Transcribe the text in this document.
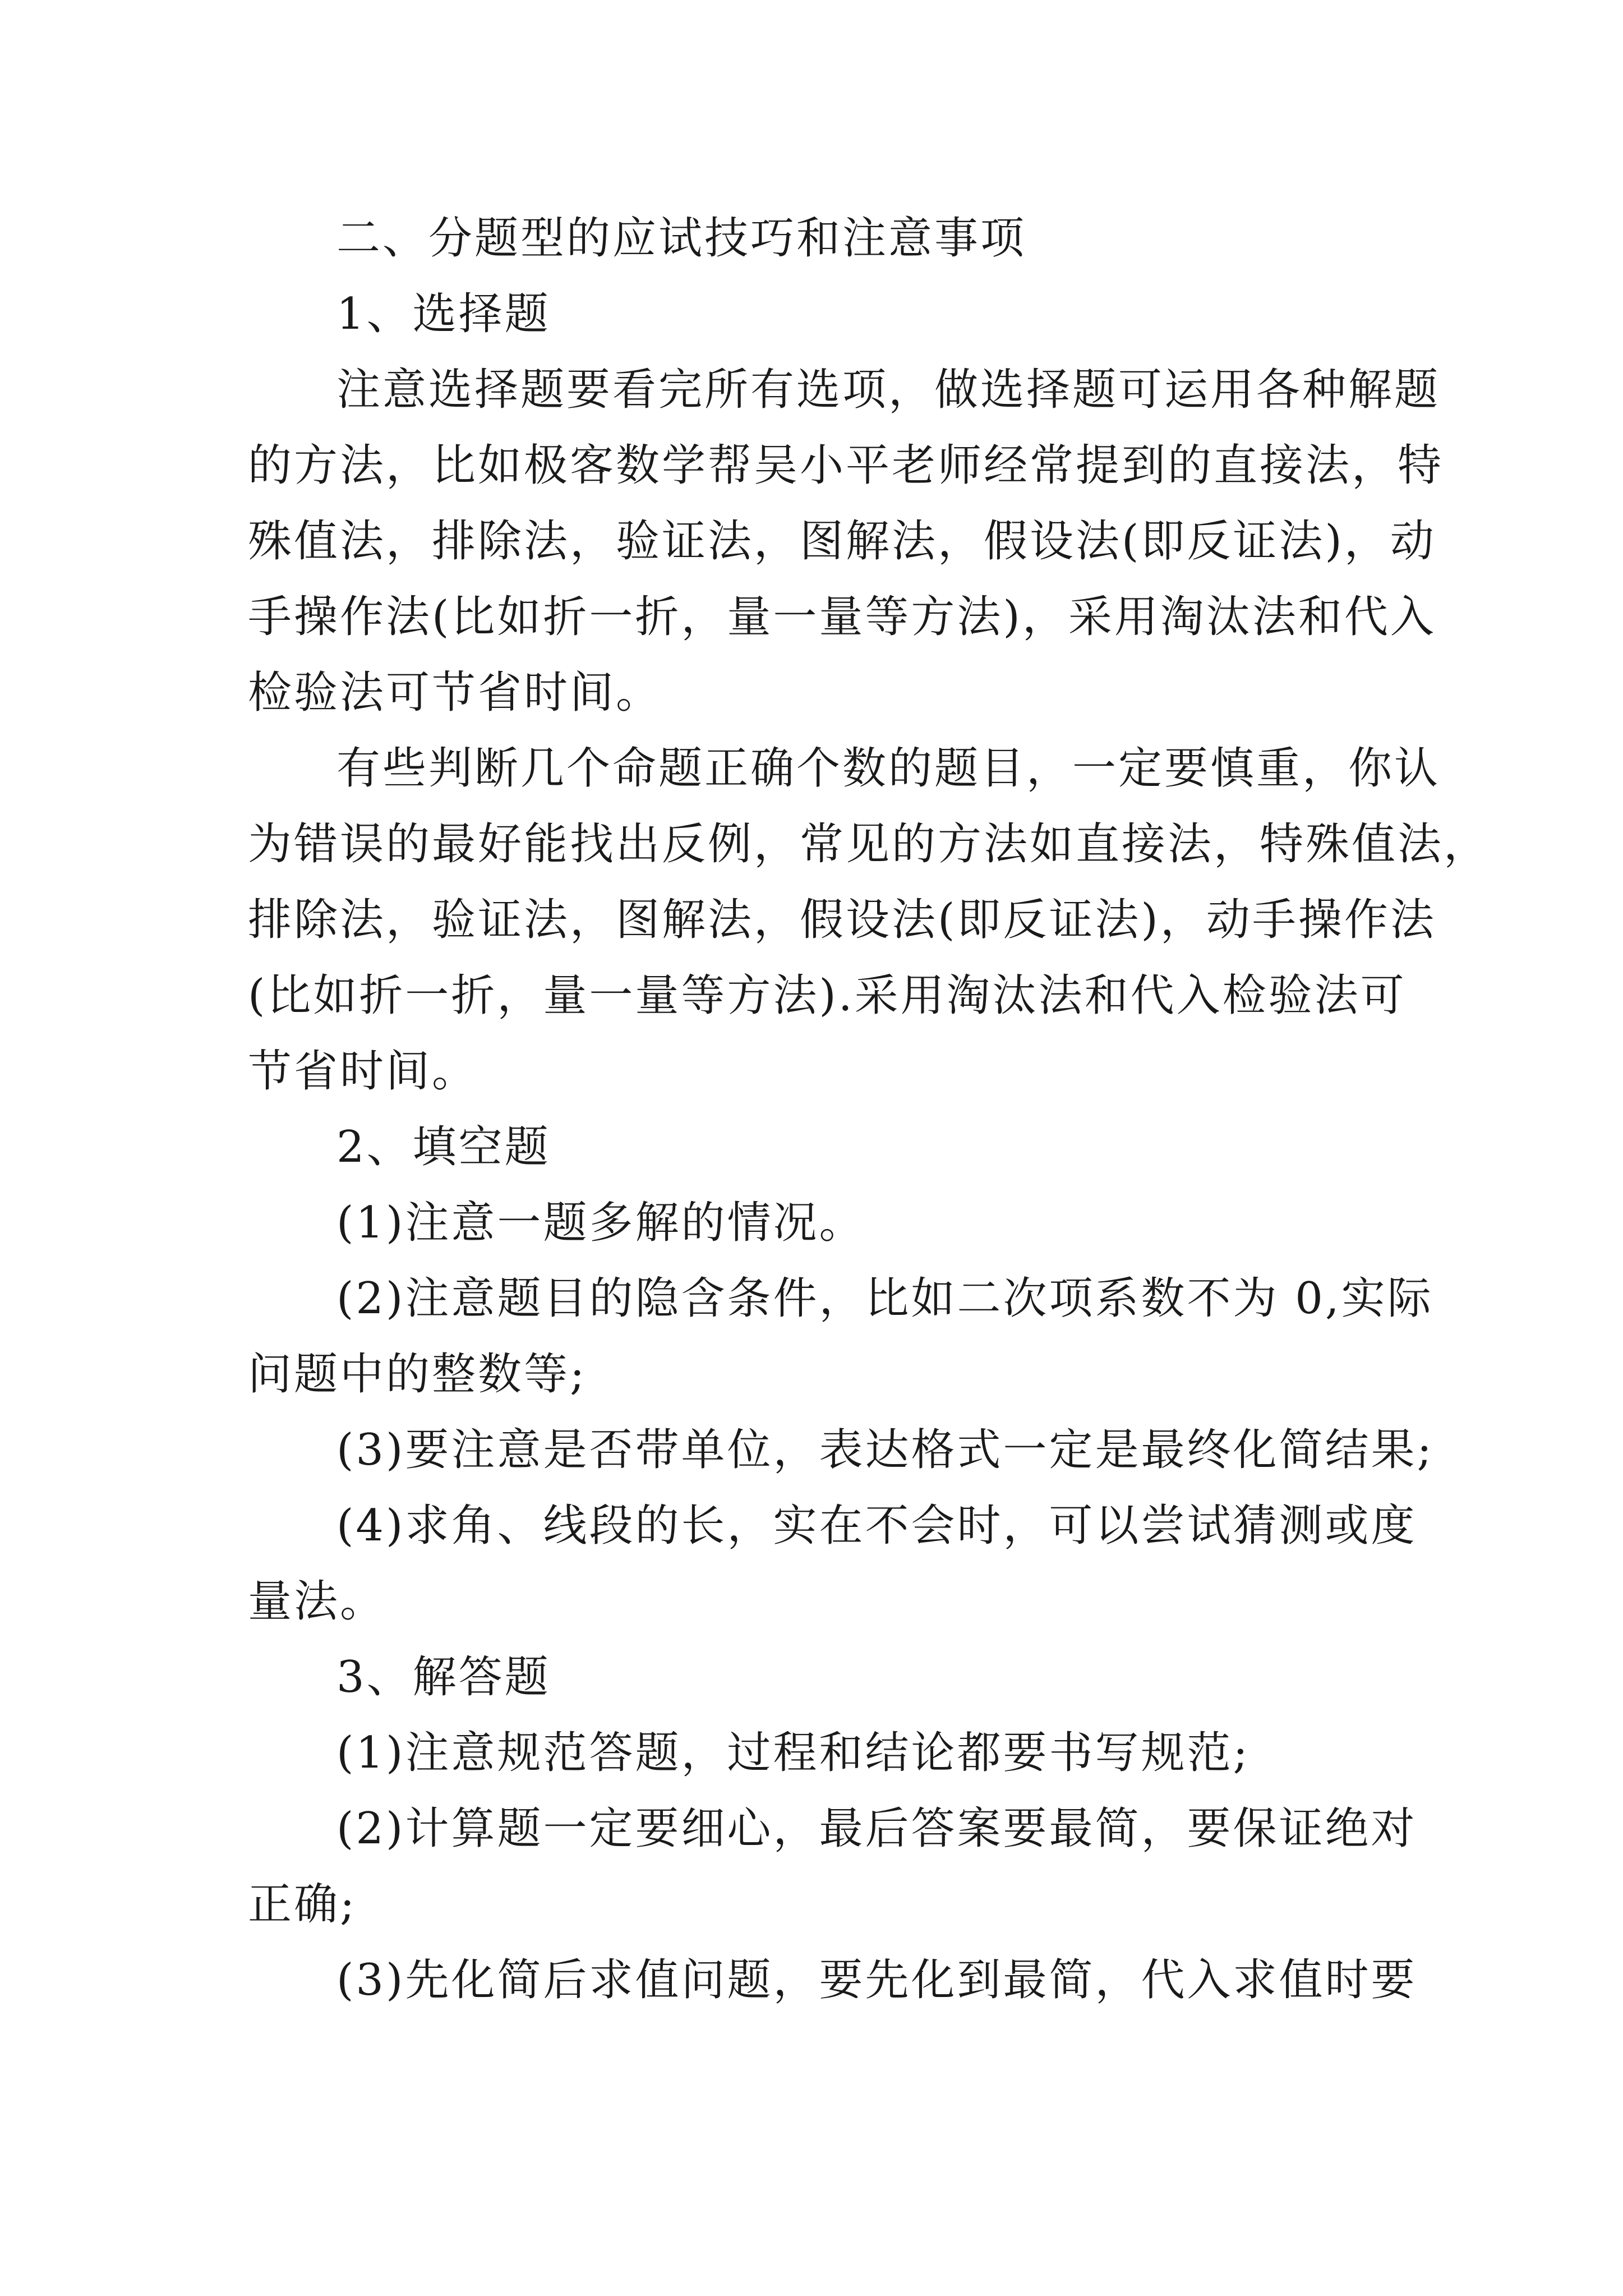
二、分题型的应试技巧和注意事项
1、选择题
注意选择题要看完所有选项，做选择题可运用各种解题
的方法，比如极客数学帮吴小平老师经常提到的直接法，特
殊值法，排除法，验证法，图解法，假设法(即反证法)，动
手操作法(比如折一折，量一量等方法)，采用淘汰法和代入
检验法可节省时间。
有些判断几个命题正确个数的题目，一定要慎重，你认
为错误的最好能找出反例，常见的方法如直接法，特殊值法，
排除法，验证法，图解法，假设法(即反证法)，动手操作法
(比如折一折，量一量等方法).采用淘汰法和代入检验法可
节省时间。
2、填空题
(1)注意一题多解的情况。
(2)注意题目的隐含条件，比如二次项系数不为 0,实际
问题中的整数等;
(3)要注意是否带单位，表达格式一定是最终化简结果;
(4)求角、线段的长，实在不会时，可以尝试猜测或度
量法。
3、解答题
(1)注意规范答题，过程和结论都要书写规范;
(2)计算题一定要细心，最后答案要最简，要保证绝对
正确;
(3)先化简后求值问题，要先化到最简，代入求值时要
